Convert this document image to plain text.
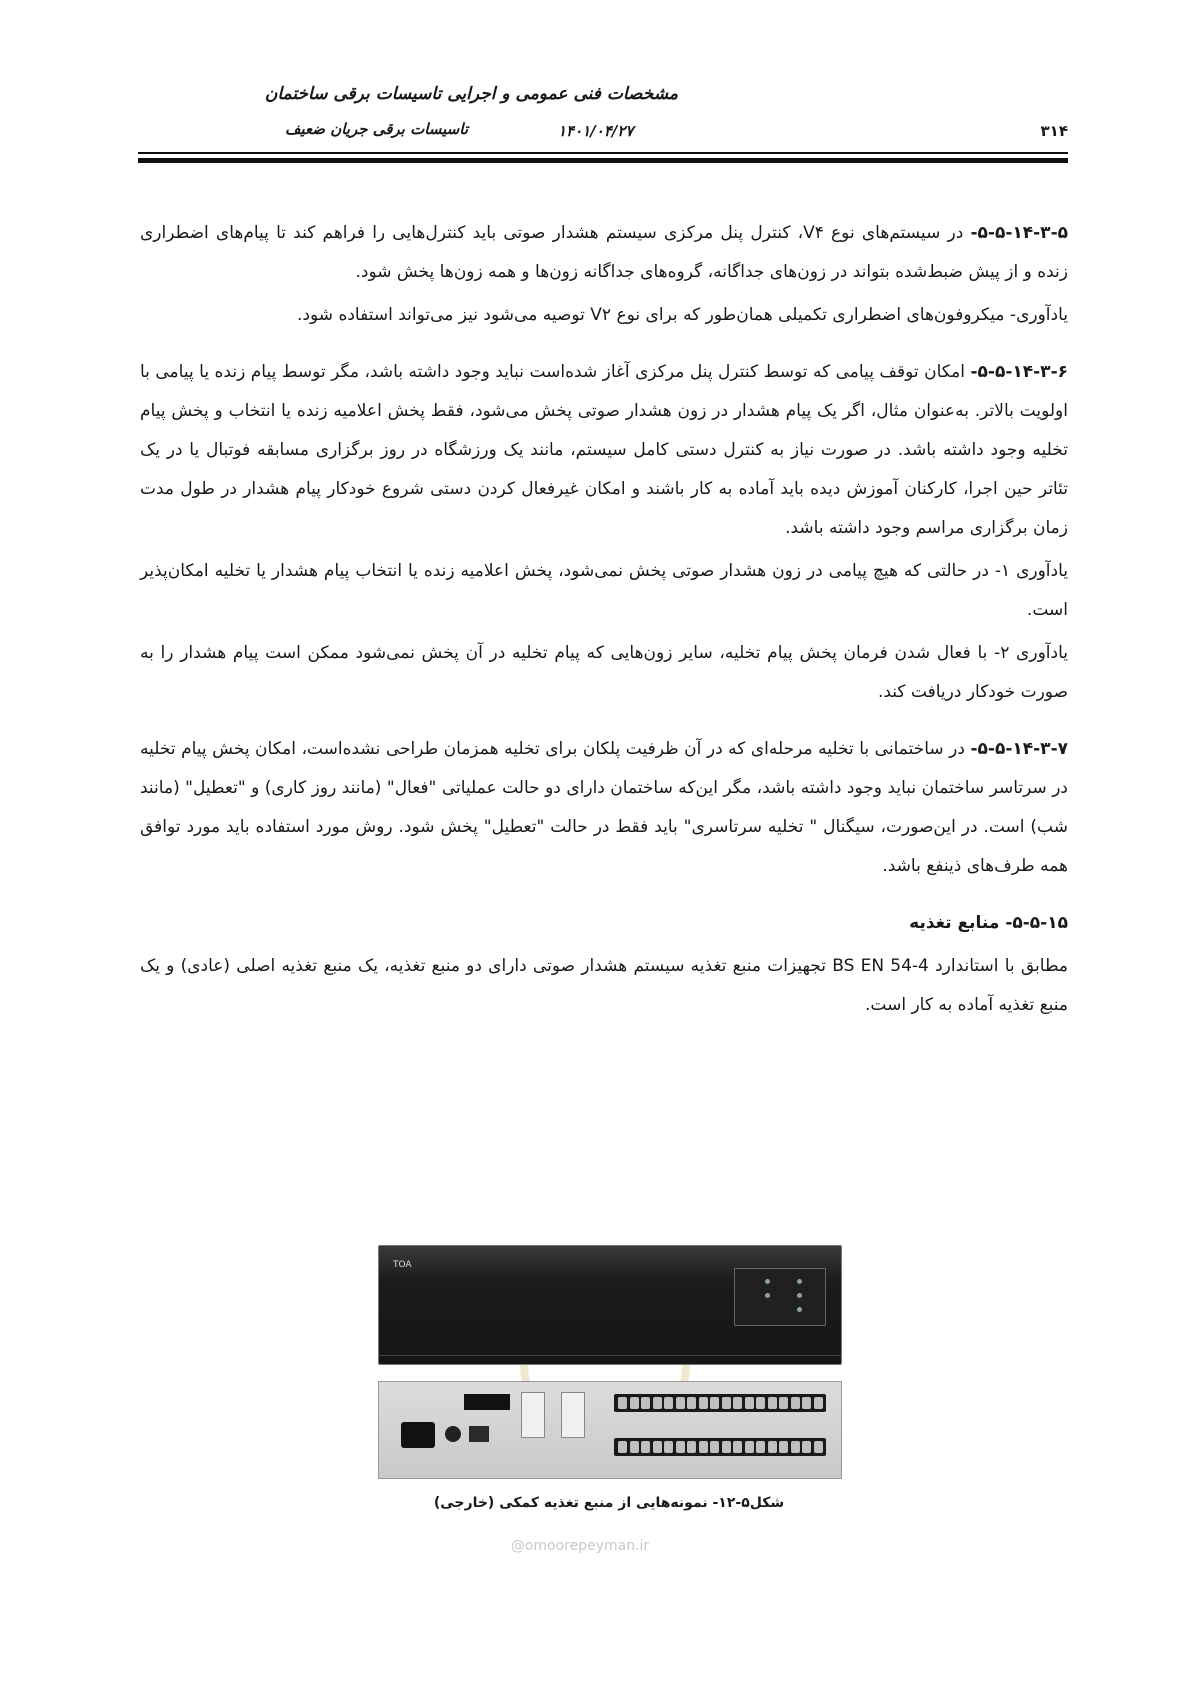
مشخصات فنی عمومی و اجرایی تاسیسات برقی ساختمان
تاسیسات برقی جریان ضعیف	۱۴۰۱/۰۴/۲۷	۳۱۴

۵-۵-۱۴-۳-۵- در سیستم‌های نوع V۴، کنترل پنل مرکزی سیستم هشدار صوتی باید کنترل‌هایی را فراهم کند تا پیام‌های اضطراری زنده و از پیش ضبط‌شده بتواند در زون‌های جداگانه، گروه‌های جداگانه زون‌ها و همه زون‌ها پخش شود.

یادآوری- میکروفون‌های اضطراری تکمیلی همان‌طور که برای نوع V۲ توصیه می‌شود نیز می‌تواند استفاده شود.

۵-۵-۱۴-۳-۶- امکان توقف پیامی که توسط کنترل پنل مرکزی آغاز شده‌است نباید وجود داشته باشد، مگر توسط پیام زنده یا پیامی با اولویت بالاتر. به‌عنوان مثال، اگر یک پیام هشدار در زون هشدار صوتی پخش می‌شود، فقط پخش اعلامیه زنده یا انتخاب و پخش پیام تخلیه وجود داشته باشد. در صورت نیاز به کنترل دستی کامل سیستم، مانند یک ورزشگاه در روز برگزاری مسابقه فوتبال یا در یک تئاتر حین اجرا، کارکنان آموزش دیده باید آماده به کار باشند و امکان غیرفعال کردن دستی شروع خودکار پیام هشدار در طول مدت زمان برگزاری مراسم وجود داشته باشد.

یادآوری ۱- در حالتی که هیچ پیامی در زون هشدار صوتی پخش نمی‌شود، پخش اعلامیه زنده یا انتخاب پیام هشدار یا تخلیه امکان‌پذیر است.

یادآوری ۲- با فعال شدن فرمان پخش پیام تخلیه، سایر زون‌هایی که پیام تخلیه در آن پخش نمی‌شود ممکن است پیام هشدار را به صورت خودکار دریافت کند.

۵-۵-۱۴-۳-۷- در ساختمانی با تخلیه مرحله‌ای که در آن ظرفیت پلکان برای تخلیه همزمان طراحی نشده‌است، امکان پخش پیام تخلیه در سرتاسر ساختمان نباید وجود داشته باشد، مگر این‌که ساختمان دارای دو حالت عملیاتی "فعال" (مانند روز کاری) و "تعطیل" (مانند شب) است. در این‌صورت، سیگنال " تخلیه سرتاسری" باید فقط در حالت "تعطیل" پخش شود. روش مورد استفاده باید مورد توافق همه طرف‌های ذینفع باشد.

۵-۵-۱۵- منابع تغذیه

مطابق با استاندارد BS EN 54-4 تجهیزات منبع تغذیه سیستم هشدار صوتی دارای دو منبع تغذیه، یک منبع تغذیه اصلی (عادی) و یک منبع تغذیه آماده به کار است.

TOA
شکل۵-۱۲- نمونه‌هایی از منبع تغذیه کمکی (خارجی)
@omoorepeyman.ir
